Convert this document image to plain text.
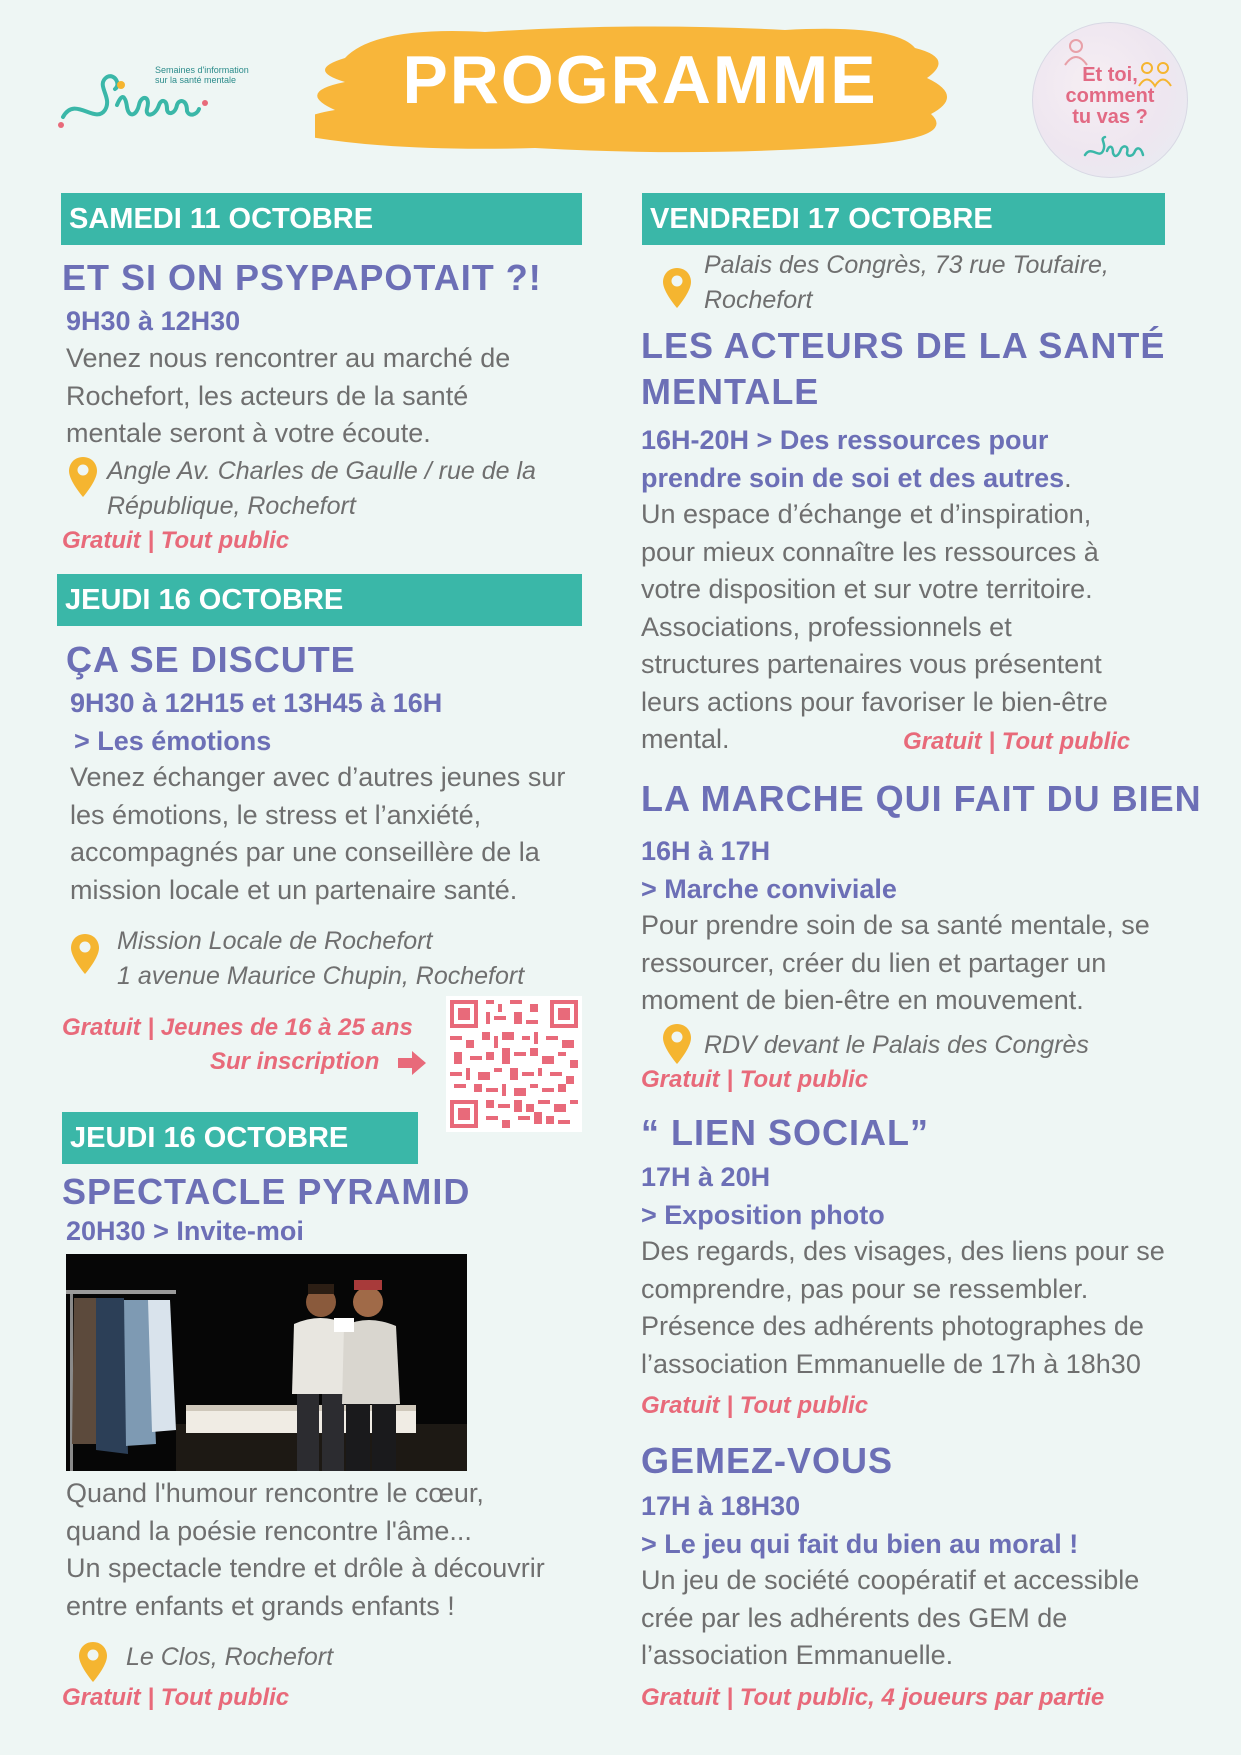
Semaines d'information
sur la santé mentale	PROGRAMME	Et toi,
comment
tu vas ?
SAMEDI 11 OCTOBRE
ET SI ON PSYPAPOTAIT ?!
9H30 à 12H30
Venez nous rencontrer au marché de
Rochefort, les acteurs de la santé
mentale seront à votre écoute.
Angle Av. Charles de Gaulle / rue de la
République, Rochefort
Gratuit | Tout public
JEUDI 16 OCTOBRE
ÇA SE DISCUTE
9H30 à 12H15 et 13H45 à 16H
> Les émotions
Venez échanger avec d’autres jeunes sur
les émotions, le stress et l’anxiété,
accompagnés par une conseillère de la
mission locale et un partenaire santé.
Mission Locale de Rochefort
1 avenue Maurice Chupin, Rochefort
Gratuit | Jeunes de 16 à 25 ans
Sur inscription
JEUDI 16 OCTOBRE
SPECTACLE PYRAMID
20H30 > Invite-moi
Quand l'humour rencontre le cœur,
quand la poésie rencontre l'âme...
Un spectacle tendre et drôle à découvrir
entre enfants et grands enfants !
Le Clos, Rochefort
Gratuit | Tout public
VENDREDI 17 OCTOBRE
Palais des Congrès, 73 rue Toufaire,
Rochefort
LES ACTEURS DE LA SANTÉ
MENTALE
16H-20H > Des ressources pour
prendre soin de soi et des autres.
Un espace d’échange et d’inspiration,
pour mieux connaître les ressources à
votre disposition et sur votre territoire.
Associations, professionnels et
structures partenaires vous présentent
leurs actions pour favoriser le bien-être
mental.	Gratuit | Tout public
LA MARCHE QUI FAIT DU BIEN
16H à 17H
> Marche conviviale
Pour prendre soin de sa santé mentale, se
ressourcer, créer du lien et partager un
moment de bien-être en mouvement.
RDV devant le Palais des Congrès
Gratuit | Tout public
“ LIEN SOCIAL”
17H à 20H
> Exposition photo
Des regards, des visages, des liens pour se
comprendre, pas pour se ressembler.
Présence des adhérents photographes de
l’association Emmanuelle de 17h à 18h30
Gratuit | Tout public
GEMEZ-VOUS
17H à 18H30
> Le jeu qui fait du bien au moral !
Un jeu de société coopératif et accessible
crée par les adhérents des GEM de
l’association Emmanuelle.
Gratuit | Tout public, 4 joueurs par partie
